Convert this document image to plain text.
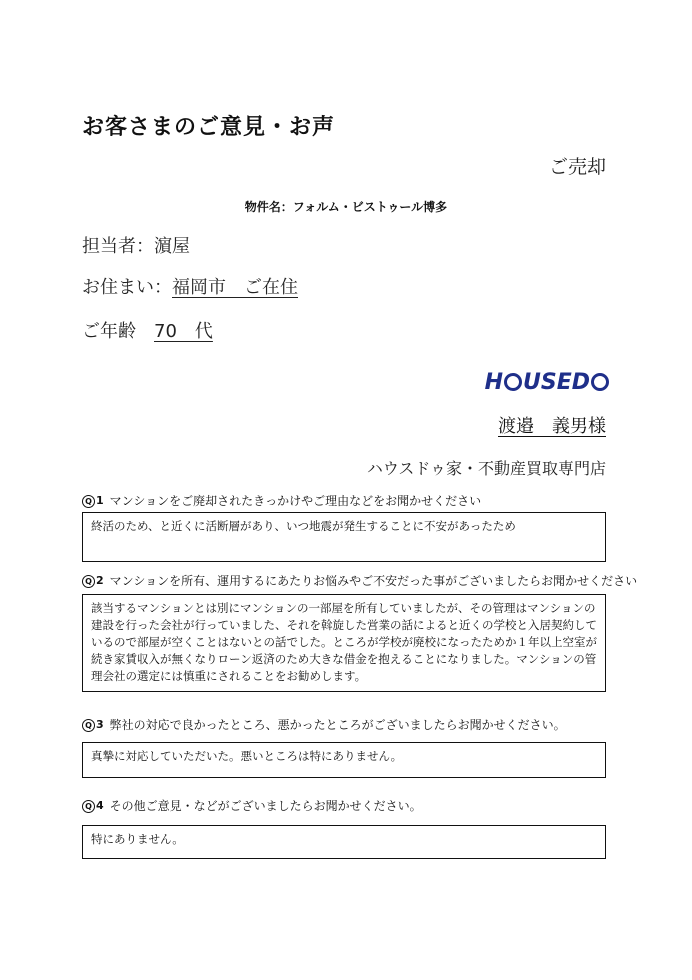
お客さまのご意見・お声
ご売却
物件名：フォルム・ビストゥール博多
担当者：濵屋
お住まい：福岡市　ご在住
ご年齢　70　代
H USE D
渡邉　義男様
ハウスドゥ家・不動産買取専門店
Q 1 マンションをご廃却されたきっかけやご理由などをお聞かせください
終活のため、と近くに活断層があり、いつ地震が発生することに不安があったため
Q 2 マンションを所有、運用するにあたりお悩みやご不安だった事がございましたらお聞かせください
該当するマンションとは別にマンションの一部屋を所有していましたが、その管理はマンションの建設を行った会社が行っていました、それを斡旋した営業の話によると近くの学校と入居契約しているので部屋が空くことはないとの話でした。ところが学校が廃校になったためか１年以上空室が続き家賃収入が無くなりローン返済のため大きな借金を抱えることになりました。マンションの管理会社の選定には慎重にされることをお勧めします。
Q 3 弊社の対応で良かったところ、悪かったところがございましたらお聞かせください。
真摯に対応していただいた。悪いところは特にありません。
Q 4 その他ご意見・などがございましたらお聞かせください。
特にありません。
